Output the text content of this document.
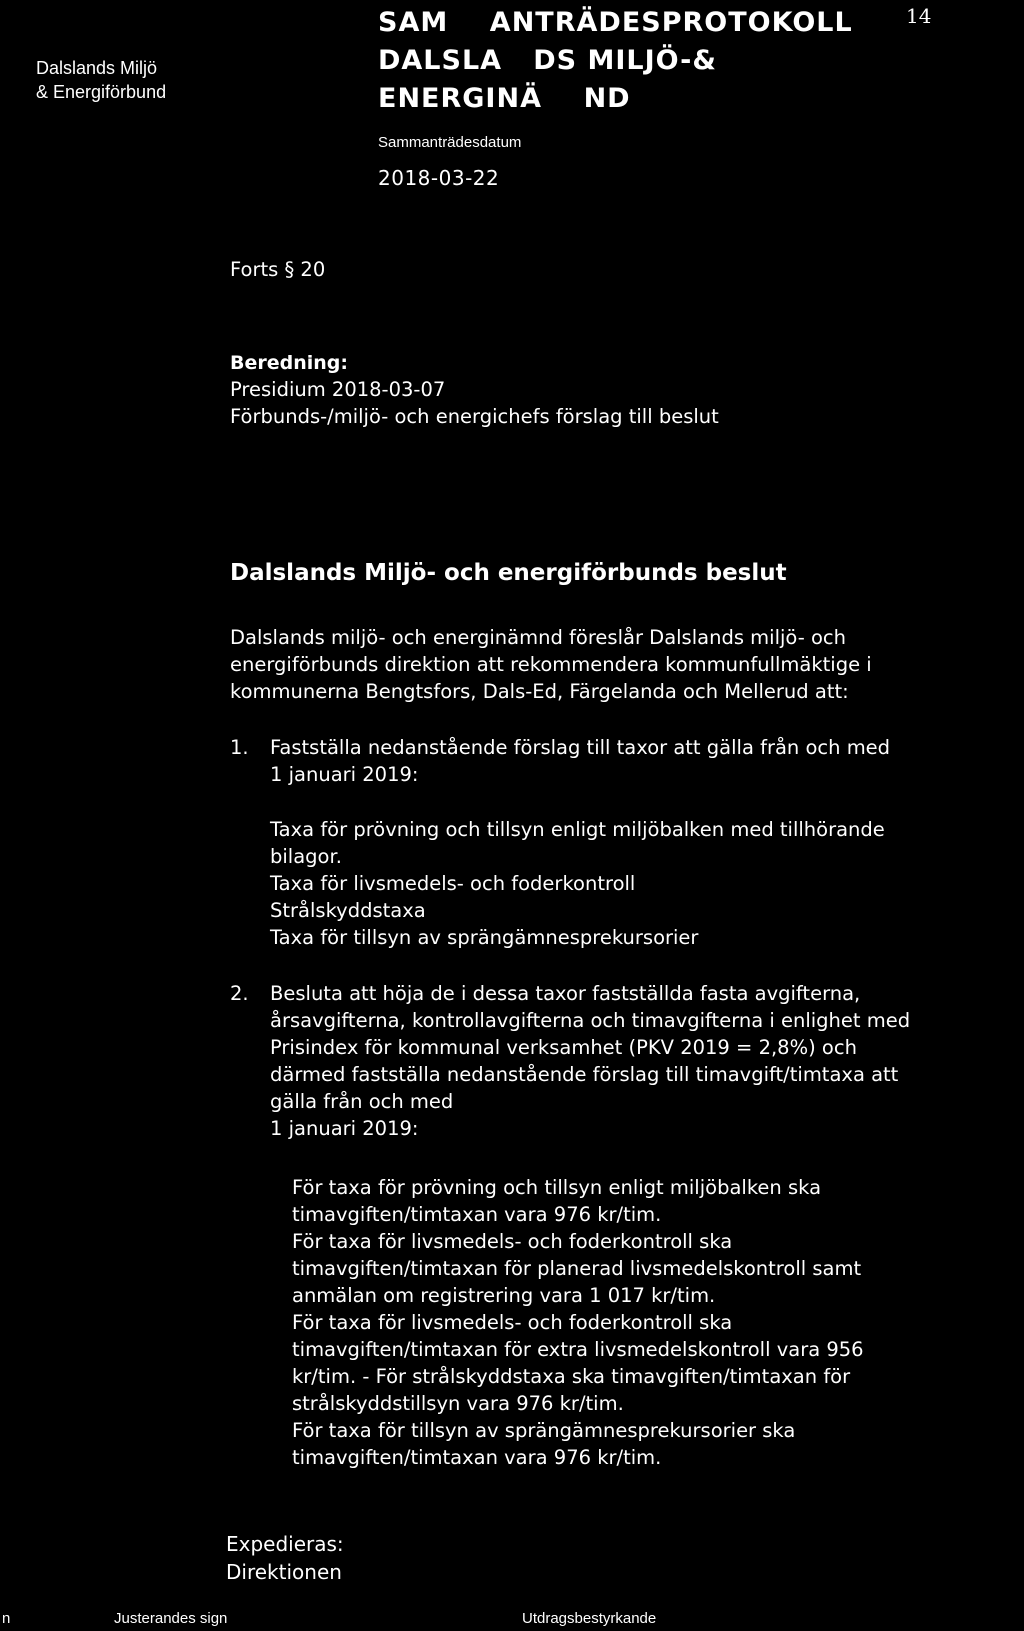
Dalslands Miljö
& Energiförbund
SAM    ANTRÄDESPROTOKOLL
DALSLA   DS MILJÖ-&
ENERGINÄ    ND
14
Sammanträdesdatum
2018-03-22
Forts § 20
Beredning:
Presidium 2018-03-07
Förbunds-/miljö- och energichefs förslag till beslut
Dalslands Miljö- och energiförbunds beslut
Dalslands miljö- och energinämnd föreslår Dalslands miljö- och
energiförbunds direktion att rekommendera kommunfullmäktige i
kommunerna Bengtsfors, Dals-Ed, Färgelanda och Mellerud att:
1. Fastställa nedanstående förslag till taxor att gälla från och med
1 januari 2019:
Taxa för prövning och tillsyn enligt miljöbalken med tillhörande
bilagor.
Taxa för livsmedels- och foderkontroll
Strålskyddstaxa
Taxa för tillsyn av sprängämnesprekursorier
2. Besluta att höja de i dessa taxor fastställda fasta avgifterna,
årsavgifterna, kontrollavgifterna och timavgifterna i enlighet med
Prisindex för kommunal verksamhet (PKV 2019 = 2,8%) och
därmed fastställa nedanstående förslag till timavgift/timtaxa att
gälla från och med
1 januari 2019:
För taxa för prövning och tillsyn enligt miljöbalken ska
timavgiften/timtaxan vara 976 kr/tim.
För taxa för livsmedels- och foderkontroll ska
timavgiften/timtaxan för planerad livsmedelskontroll samt
anmälan om registrering vara 1 017 kr/tim.
För taxa för livsmedels- och foderkontroll ska
timavgiften/timtaxan för extra livsmedelskontroll vara 956
kr/tim. - För strålskyddstaxa ska timavgiften/timtaxan för
strålskyddstillsyn vara 976 kr/tim.
För taxa för tillsyn av sprängämnesprekursorier ska
timavgiften/timtaxan vara 976 kr/tim.
Expedieras:
Direktionen
n	Justerandes sign	Utdragsbestyrkande
